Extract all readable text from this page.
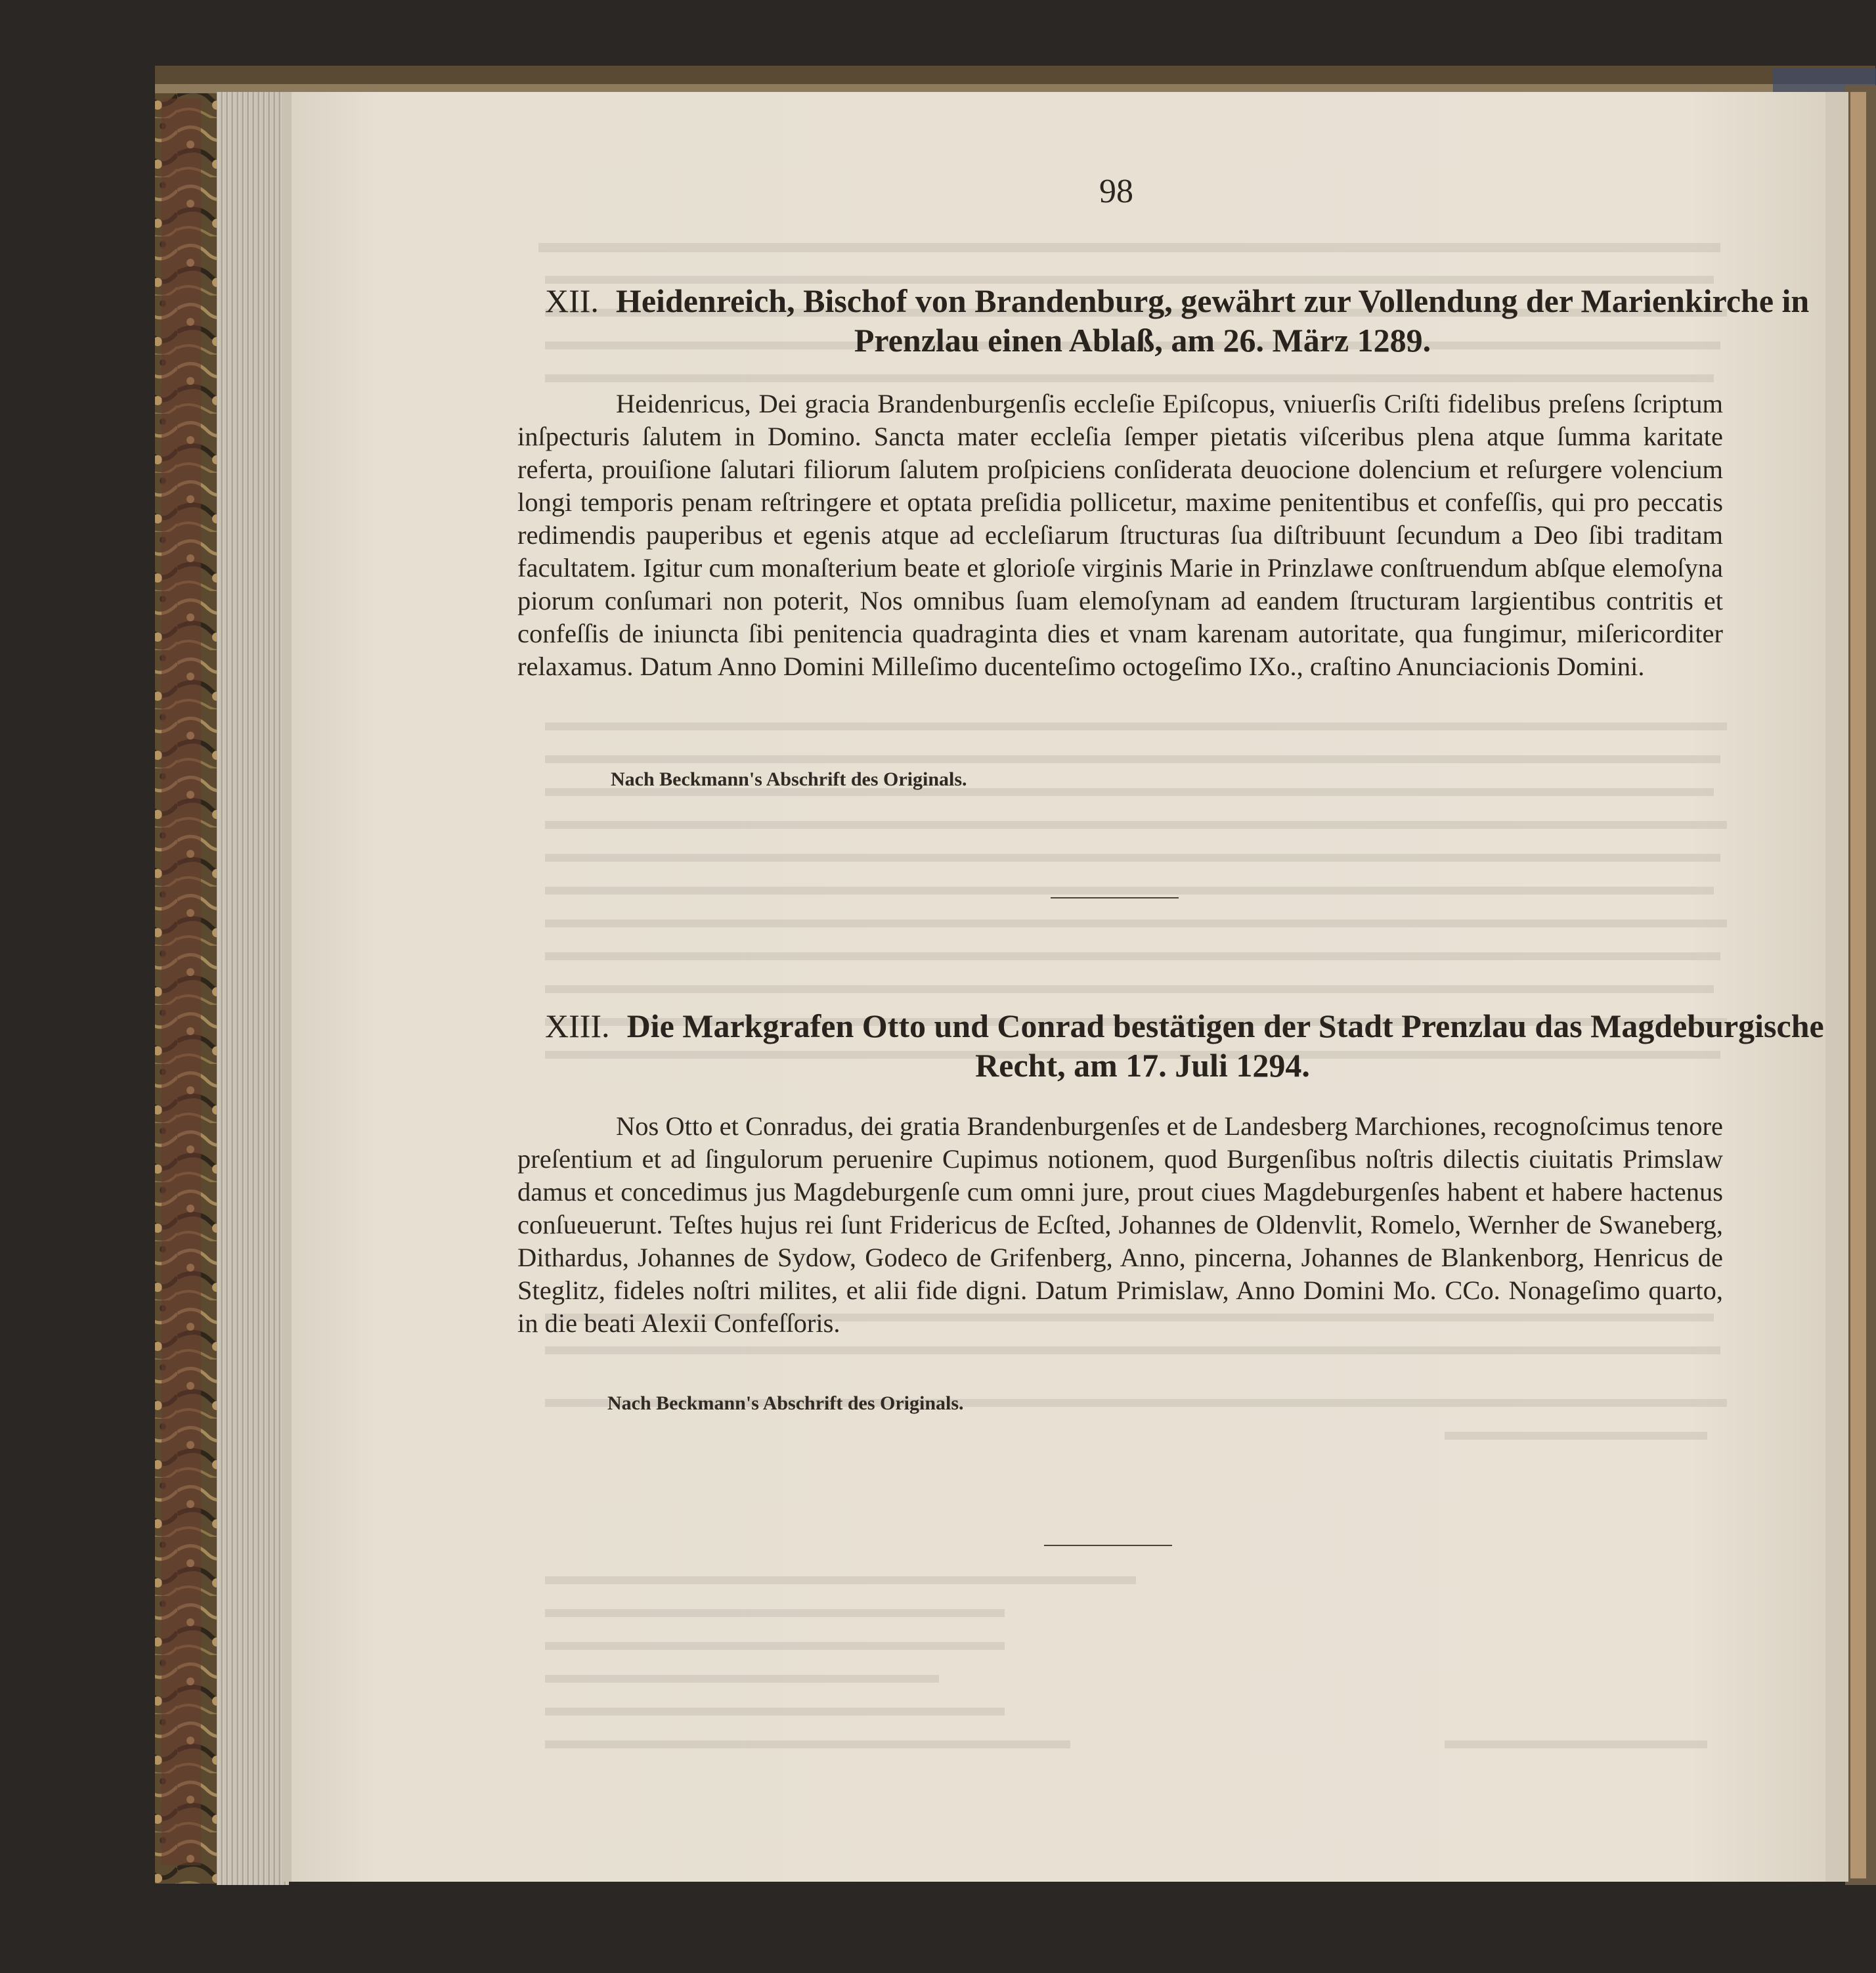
98
XII. Heidenreich, Bischof von Brandenburg, gewährt zur Vollendung der Marienkirche in
Prenzlau einen Ablaß, am 26. März 1289.

Heidenricus, Dei gracia Brandenburgenſis eccleſie Epiſcopus, vniuerſis Criſti fidelibus preſens ſcriptum inſpecturis ſalutem in Domino. Sancta mater eccleſia ſemper pietatis viſceribus plena atque ſumma karitate referta, prouiſione ſalutari filiorum ſalutem proſpiciens conſiderata deuocione dolencium et reſurgere volencium longi temporis penam reſtringere et optata preſidia pollicetur, maxime penitentibus et confeſſis, qui pro peccatis redimendis pauperibus et egenis atque ad eccleſiarum ſtructuras ſua diſtribuunt ſecundum a Deo ſibi traditam facultatem. Igitur cum monaſterium beate et glorioſe virginis Marie in Prinzlawe conſtruendum abſque elemoſyna piorum conſumari non poterit, Nos omnibus ſuam elemoſynam ad eandem ſtructuram largientibus contritis et confeſſis de iniuncta ſibi penitencia quadraginta dies et vnam karenam autoritate, qua fungimur, miſericorditer relaxamus. Datum Anno Domini Milleſimo ducenteſimo octogeſimo IXo., craſtino Anunciacionis Domini.

Nach Beckmann's Abschrift des Originals.
XIII. Die Markgrafen Otto und Conrad bestätigen der Stadt Prenzlau das Magdeburgische
Recht, am 17. Juli 1294.

Nos Otto et Conradus, dei gratia Brandenburgenſes et de Landesberg Marchiones, recognoſcimus tenore preſentium et ad ſingulorum peruenire Cupimus notionem, quod Burgenſibus noſtris dilectis ciuitatis Primslaw damus et concedimus jus Magdeburgenſe cum omni jure, prout ciues Magdeburgenſes habent et habere hactenus conſueuerunt. Teſtes hujus rei ſunt Fridericus de Ecſted, Johannes de Oldenvlit, Romelo, Wernher de Swaneberg, Dithardus, Johannes de Sydow, Godeco de Grifenberg, Anno, pincerna, Johannes de Blankenborg, Henricus de Steglitz, fideles noſtri milites, et alii fide digni. Datum Primislaw, Anno Domini Mo. CCo. Nonageſimo quarto, in die beati Alexii Confeſſoris.

Nach Beckmann's Abschrift des Originals.
